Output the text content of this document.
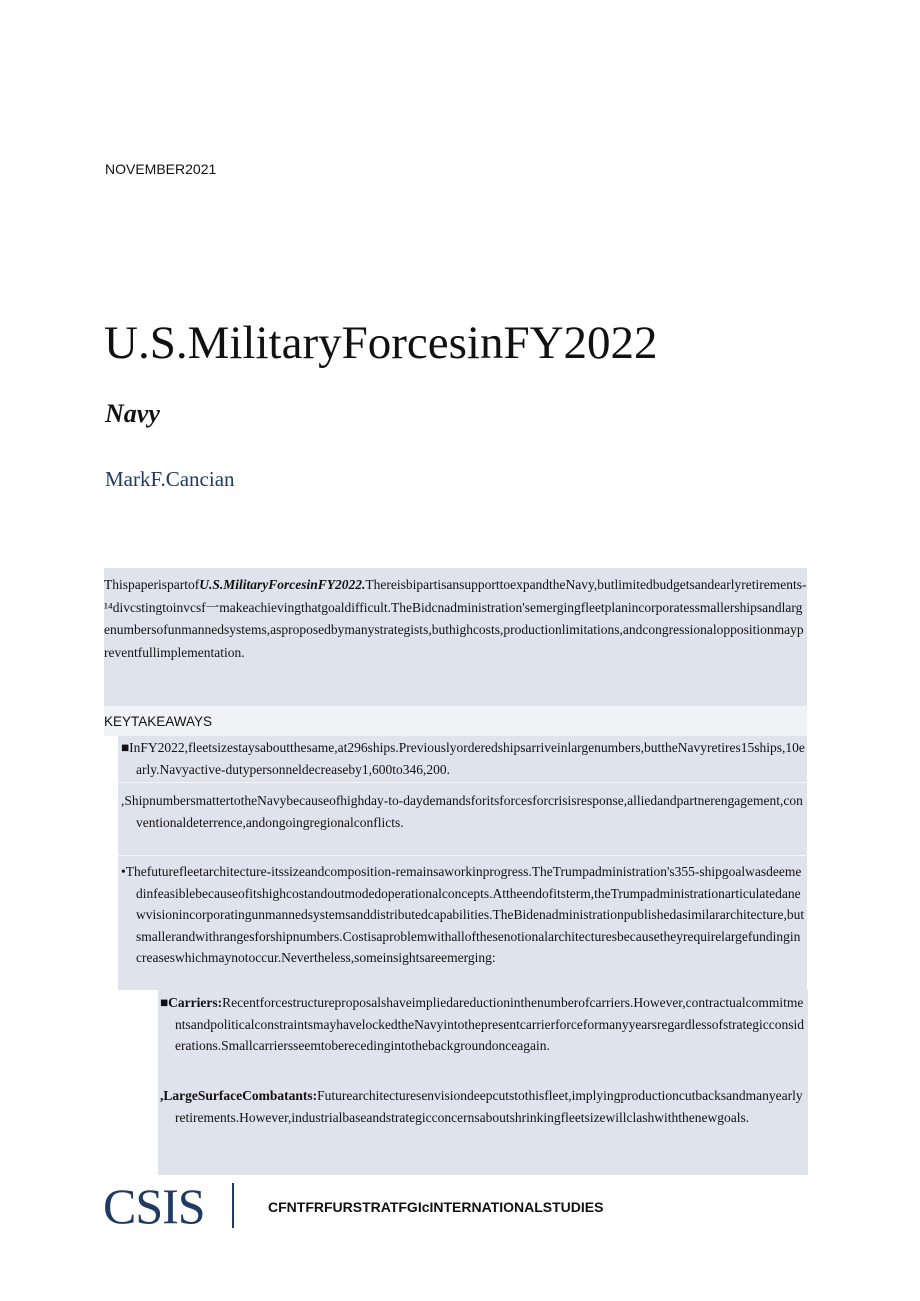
NOVEMBER2021
U.S.MilitaryForcesinFY2022
Navy
MarkF.Cancian

ThispaperispartofU.S.MilitaryForcesinFY2022.ThereisbipartisansupporttoexpandtheNavy,butlimitedbudgetsandearlyretirements-¹⁴divcstingtoinvcsf一makeachievingthatgoaldifficult.TheBidcnadministration'semergingfleetplanincorporatessmallershipsandlargenumbersofunmannedsystems,asproposedbymanystrategists,buthighcosts,productionlimitations,andcongressionaloppositionmaypreventfullimplementation.

KEYTAKEAWAYS
■InFY2022,fleetsizestaysaboutthesame,at296ships.Previouslyorderedshipsarriveinlargenumbers,buttheNavyretires15ships,10early.Navyactive-dutypersonneldecreaseby1,600to346,200.
,ShipnumbersmattertotheNavybecauseofhighday-to-daydemandsforitsforcesforcrisisresponse,alliedandpartnerengagement,conventionaldeterrence,andongoingregionalconflicts.
•Thefuturefleetarchitecture-itssizeandcomposition-remainsaworkinprogress.TheTrumpadministration's355-shipgoalwasdeemedinfeasiblebecauseofitshighcostandoutmodedoperationalconcepts.Attheendofitsterm,theTrumpadministrationarticulatedanewvisionincorporatingunmannedsystemsanddistributedcapabilities.TheBidenadministrationpublishedasimilararchitecture,butsmallerandwithrangesforshipnumbers.Costisaproblemwithallofthesenotionalarchitecturesbecausetheyrequirelargefundingincreaseswhichmaynotoccur.Nevertheless,someinsightsareemerging:
■Carriers:Recentforcestructureproposalshaveimpliedareductioninthenumberofcarriers.However,contractualcommitmentsandpoliticalconstraintsmayhavelockedtheNavyintothepresentcarrierforceformanyyearsregardlessofstrategicconsiderations.Smallcarriersseemtoberecedingintothebackgroundonceagain.
,LargeSurfaceCombatants:Futurearchitecturesenvisiondeepcutstothisfleet,implyingproductioncutbacksandmanyearlyretirements.However,industrialbaseandstrategicconcernsaboutshrinkingfleetsizewillclashwiththenewgoals.
CSIS	CFNTFRFURSTRATFGIcINTERNATIONALSTUDIES
